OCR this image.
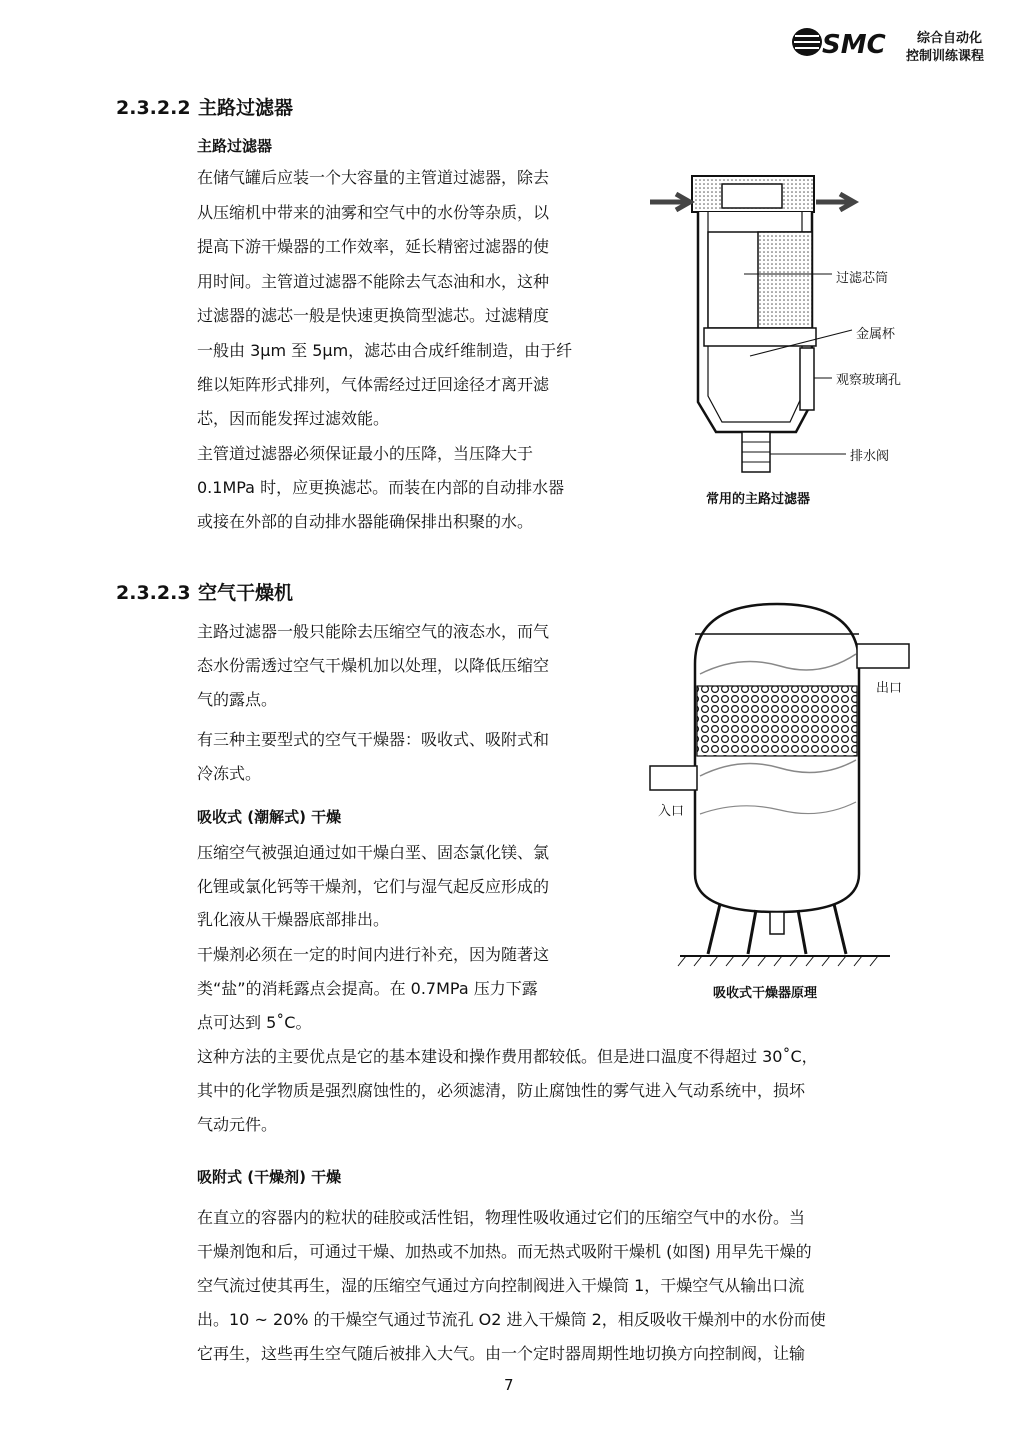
SMC 综合自动化
控制训练课程
2.3.2.2 主路过滤器
主路过滤器
在储气罐后应装一个大容量的主管道过滤器，除去
从压缩机中带来的油雾和空气中的水份等杂质，以
提高下游干燥器的工作效率，延长精密过滤器的使
用时间。主管道过滤器不能除去气态油和水，这种
过滤器的滤芯一般是快速更换筒型滤芯。过滤精度
一般由 3µm 至 5µm，滤芯由合成纤维制造，由于纤
维以矩阵形式排列，气体需经过迂回途径才离开滤
芯，因而能发挥过滤效能。
主管道过滤器必须保证最小的压降，当压降大于
0.1MPa 时，应更换滤芯。而装在内部的自动排水器
或接在外部的自动排水器能确保排出积聚的水。
过滤芯筒
金属杯
观察玻璃孔
排水阀
常用的主路过滤器
2.3.2.3 空气干燥机
主路过滤器一般只能除去压缩空气的液态水，而气
态水份需透过空气干燥机加以处理，以降低压缩空
气的露点。
有三种主要型式的空气干燥器：吸收式、吸附式和
冷冻式。
吸收式 (潮解式) 干燥
压缩空气被强迫通过如干燥白垩、固态氯化镁、氯
化锂或氯化钙等干燥剂，它们与湿气起反应形成的
乳化液从干燥器底部排出。
干燥剂必须在一定的时间内进行补充，因为随著这
类“盐”的消耗露点会提高。在 0.7MPa 压力下露
点可达到 5˚C。
这种方法的主要优点是它的基本建设和操作费用都较低。但是进口温度不得超过 30˚C，
其中的化学物质是强烈腐蚀性的，必须滤清，防止腐蚀性的雾气进入气动系统中，损坏
气动元件。
出口
入口
吸收式干燥器原理
吸附式 (干燥剂) 干燥
在直立的容器内的粒状的硅胶或活性铝，物理性吸收通过它们的压缩空气中的水份。当
干燥剂饱和后，可通过干燥、加热或不加热。而无热式吸附干燥机 (如图) 用早先干燥的
空气流过使其再生，湿的压缩空气通过方向控制阀进入干燥筒 1，干燥空气从输出口流
出。10 ~ 20% 的干燥空气通过节流孔 O2 进入干燥筒 2，相反吸收干燥剂中的水份而使
它再生，这些再生空气随后被排入大气。由一个定时器周期性地切换方向控制阀，让输
7
